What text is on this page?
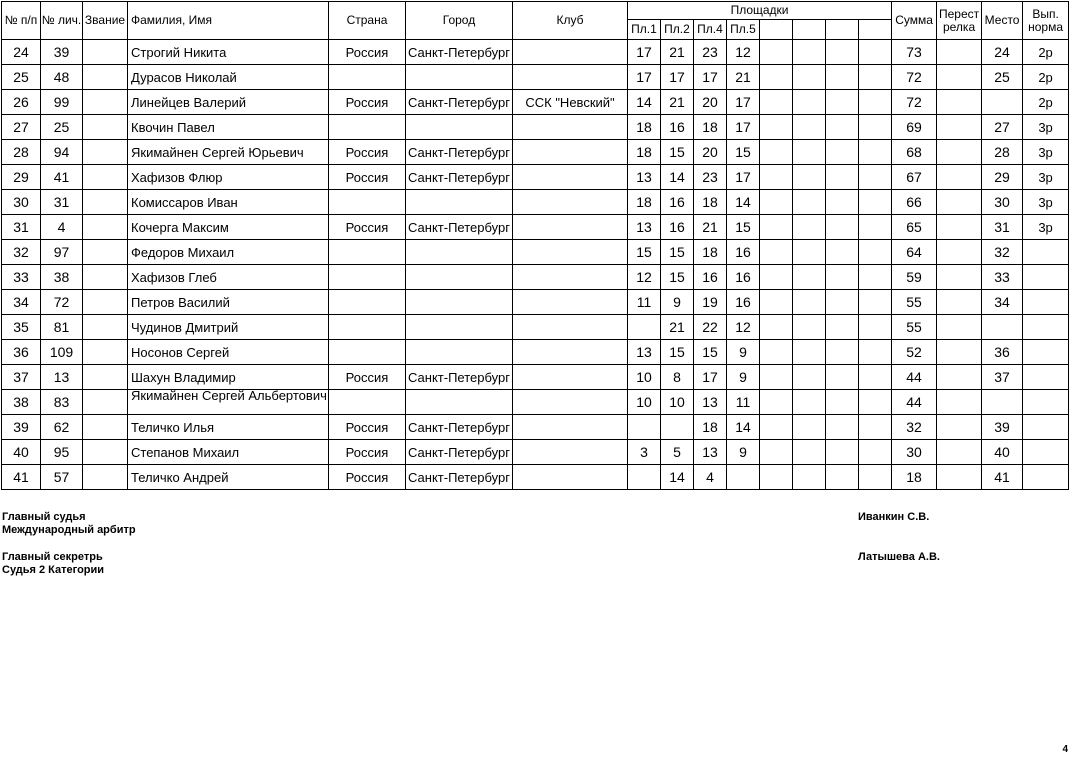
№ п/п	№ лич.	Звание	Фамилия, Имя	Страна	Город	Клуб	Площадки								Сумма	Перест релка	Место	Вып. норма
							Пл.1	Пл.2	Пл.4	Пл.5								
24	39		Строгий Никита	Россия	Санкт-Петербург		17	21	23	12					73		24	2р
25	48		Дурасов Николай				17	17	17	21					72		25	2р
26	99		Линейцев Валерий	Россия	Санкт-Петербург	ССК "Невский"	14	21	20	17					72			2р
27	25		Квочин Павел				18	16	18	17					69		27	3р
28	94		Якимайнен Сергей Юрьевич	Россия	Санкт-Петербург		18	15	20	15					68		28	3р
29	41		Хафизов Флюр	Россия	Санкт-Петербург		13	14	23	17					67		29	3р
30	31		Комиссаров Иван				18	16	18	14					66		30	3р
31	4		Кочерга Максим	Россия	Санкт-Петербург		13	16	21	15					65		31	3р
32	97		Федоров Михаил				15	15	18	16					64		32	
33	38		Хафизов Глеб				12	15	16	16					59		33	
34	72		Петров Василий				11	9	19	16					55		34	
35	81		Чудинов Дмитрий					21	22	12					55			
36	109		Носонов Сергей				13	15	15	9					52		36	
37	13		Шахун Владимир	Россия	Санкт-Петербург		10	8	17	9					44		37	
38	83		Якимайнен Сергей Альбертович				10	10	13	11					44			
39	62		Теличко Илья	Россия	Санкт-Петербург				18	14					32		39	
40	95		Степанов Михаил	Россия	Санкт-Петербург		3	5	13	9					30		40	
41	57		Теличко Андрей	Россия	Санкт-Петербург			14	4						18		41	
Главный судья
Международный арбитр
Иванкин С.В.
Главный секретрь
Судья 2 Категории
Латышева А.В.
4
